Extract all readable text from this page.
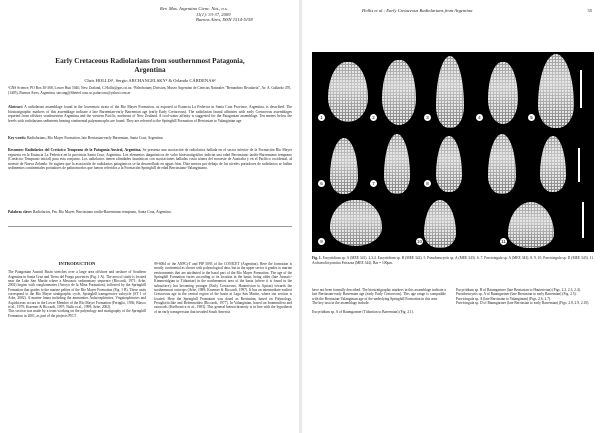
Rev. Mus. Argentino Cienc. Nat., n.s.
11(1): 33-37, 2009
Buenos Aires, ISSN 1514-5158
Early Cretaceous Radiolarians from southernmost Patagonia,
Argentina
Chris HOLLIS¹, Sergio ARCHANGELSKY² & Orlando CÁRDENAS²
¹GNS Science, PO Box 30-368, Lower Hutt 5040, New Zealand, C.Hollis@gns.cri.nz. ²Paleobotany Division, Museo Argentino de Ciencias Naturales "Bernardino Rivadavia", Av. A. Gallardo 470, (1405), Buenos Aires, Argentina, sarcang@fibertel.com.ar, palarconc@yahoo.com.ar
Abstract: A radiolarian assemblage found in the lowermost strata of the Río Mayer Formation, as exposed at Estancia La Federica in Santa Cruz Province, Argentina, is described. The biostratigraphic markers of this assemblage indicate a late Barremian-early Barremian age (early Early Cretaceous). The radiolarian faunal affinities with early Cretaceous assemblages reported from offshore southwestern Argentina and the western Pacific, northeast of New Zealand. A cool-water affinity is suggested for the Patagonian assemblage. Ten meters below the levels with radiolarians sediments bearing continental palynomorphs are found. They are referred to the Springhill Formation of Berriasian to Valanginian age.
Key words: Radiolarians, Río Mayer Formation, late Berriasian-early Barremian, Santa Cruz, Argentina.
Resumen: Radiolarios del Cretácico Temprano de la Patagonia Austral, Argentina. Se presenta una asociación de radiolarios hallada en el sector inferior de la Formación Río Mayer expuesta en la Estancia La Federica en la provincia Santa Cruz, Argentina. Los elementos diagnósticos de valor bioestratigráfico indican una edad Berriasiano tardío-Barremiano temprano (Cretácico Temprano inicial) para esta conjunto. Los radiolarios tienen afinidades faunísticas con asociaciones halladas costa afuera del noroeste de Australia y en el Pacífico occidental, al noreste de Nueva Zelanda. Se sugiere que la asociación de radiolarios patagónicos se ha desarrollado en aguas frías. Diez metros por debajo de los niveles portadores de radiolarios se hallan sedimentos continentales portadores de palinomorfos que fueron referidos a la Formación Springhill de edad Berriasiano-Valanginiano.
Palabras clave: Radiolarios, Fm. Río Mayer, Berriasiano tardío-Barremiano temprano, Santa Cruz, Argentina.
INTRODUCTION
The Patagonian Austral Basin stretches over a large area offshore and onshore of Southern Argentina in Santa Cruz and Tierra del Fuego provinces (Fig. 1 A). The area of study is located near the Lake San Martín where a Mesozoic sedimentary sequence (Riccardi, 1971; Arbe, 2002) begins with conglomerates (Arroyo de la Mina Formation), followed by the Springhill Formation that grades to the marine pelites of the Río Mayer Formation (Fig. 1 B). These units correspond to the Río Mayer stratigraphic cycle, Springhill transgressive subcycle (ST 1 of Arbe, 2002). A marine fauna including the ammonites Aulacosphinctes, Virgatosphinctes and Aspidoceras occurs in the Lower Member of the Río Mayer Formation (Feruglio, 1936; Blasco et al., 1979; Kraemer & Riccardi, 1997; Nullo et al., 1999; Arbe, 2002).
This section was made by a team working on the palynology and stratigraphy of the Springhill Formation in 2001, as part of the projects PICT
99-6064 of the ANPCyT and PIP 5093 of the CONICET (Argentina). Here the formation is mostly continental as shown with palynological data, but in the upper sector it grades to marine environments that are attributed to the basal part of the Río Mayer Formation. The age of the Springhill Formation varies according to its location in the basin, being older (late Jurassic-Kimmeridgian to Tithonian) in the northernmost area of the basin (where it is found in the subsurface), but becoming younger (Early Cretaceous, Hauterivian to Aptian) towards the northernmost outcrops (Arbe, 1989; Kraemer & Riccardi, 1997). It has an intermediate earliest Cretaceous age in the central region of the basin at Lago San Martín, where our section is located. Here the Springhill Formation was dated as Berriasian, based on Palynology, Peruglia/ticlike and Belemnoidea (Riccardi, 1977). In Valanginian, based on foraminifera and ostracods (Kielbowicz et al., 1983). This general heterochroneity is in line with the hypothesis of an early transgression that invaded South America
Hollis et al.: Early Cretaceous Radiolarians from Argentina	35
1	2	3	4	5
6	7	8
9	10	11
Fig. 1. Eucyrtidium sp. A (MEE 341). 2,3,4. Eucyrtidium sp. B (MEE 342). 5. Pseudoeucyrtis sp. A (MEE 343). 6, 7. Parvicingula sp. A (MEE 343). 8, 9, 10. Parvicingula sp. D (MEE 343). 11. Archaeodictyomitra Ferrazza (MEE 344). Bar = 100μm.
have not been formally described. The biostratigraphic markers in this assemblage indicate a late Berriasian-early Barremian age (early Early Cretaceous). This age range is compatible with the Berriasian-Valanginian age of the underlying Springhill Formation in this area.
The key taxa in the assemblage include:

Eucyrtidium sp. A of Baumgartner (Tithonian to Barremian) (Fig. 2.1).
Eucyrtidium sp. B of Baumgartner (late Berriasian to Hauterivian) (Figs. 2.2, 2.3, 2.4).
Pseudoeucyrtis sp. A of Baumgartner (late Berriasian to early Barremian) (Fig. 2.5).
Parvicingula sp. A (late Berriasian to Valanginian) (Figs. 2.6, 2.7).
Parvicingula sp. D of Baumgartner (late Berriasian to early Barremian) (Figs. 2.8, 2.9, 2.10).
